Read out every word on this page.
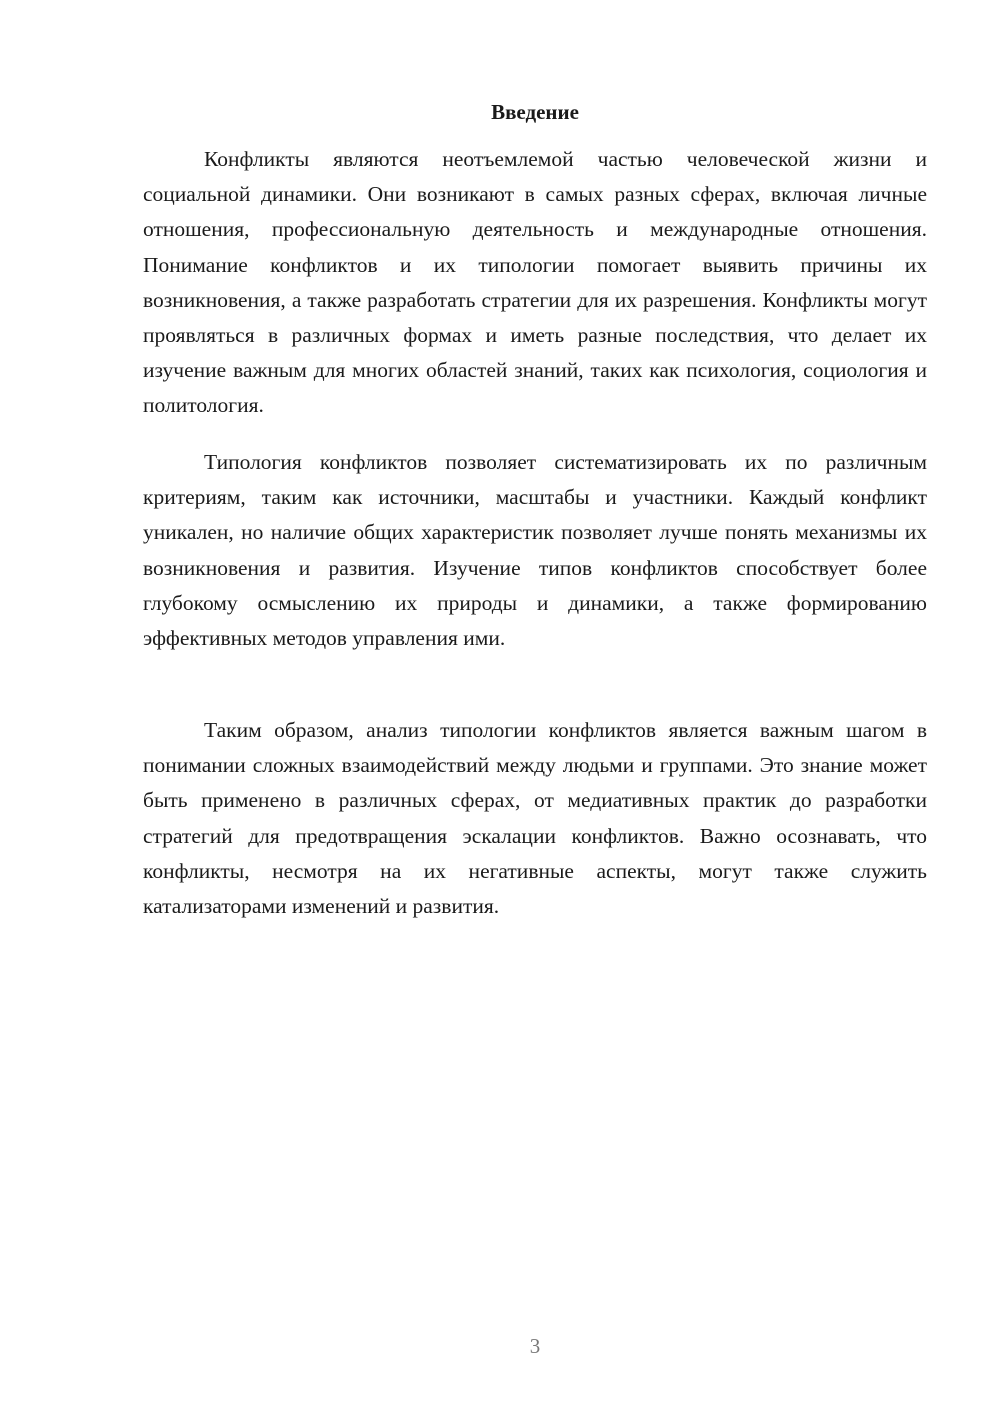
Введение

Конфликты являются неотъемлемой частью человеческой жизни и социальной динамики. Они возникают в самых разных сферах, включая личные отношения, профессиональную деятельность и международные отношения. Понимание конфликтов и их типологии помогает выявить причины их возникновения, а также разработать стратегии для их разрешения. Конфликты могут проявляться в различных формах и иметь разные последствия, что делает их изучение важным для многих областей знаний, таких как психология, социология и политология.

Типология конфликтов позволяет систематизировать их по различным критериям, таким как источники, масштабы и участники. Каждый конфликт уникален, но наличие общих характеристик позволяет лучше понять механизмы их возникновения и развития. Изучение типов конфликтов способствует более глубокому осмыслению их природы и динамики, а также формированию эффективных методов управления ими.

Таким образом, анализ типологии конфликтов является важным шагом в понимании сложных взаимодействий между людьми и группами. Это знание может быть применено в различных сферах, от медиативных практик до разработки стратегий для предотвращения эскалации конфликтов. Важно осознавать, что конфликты, несмотря на их негативные аспекты, могут также служить катализаторами изменений и развития.

3
